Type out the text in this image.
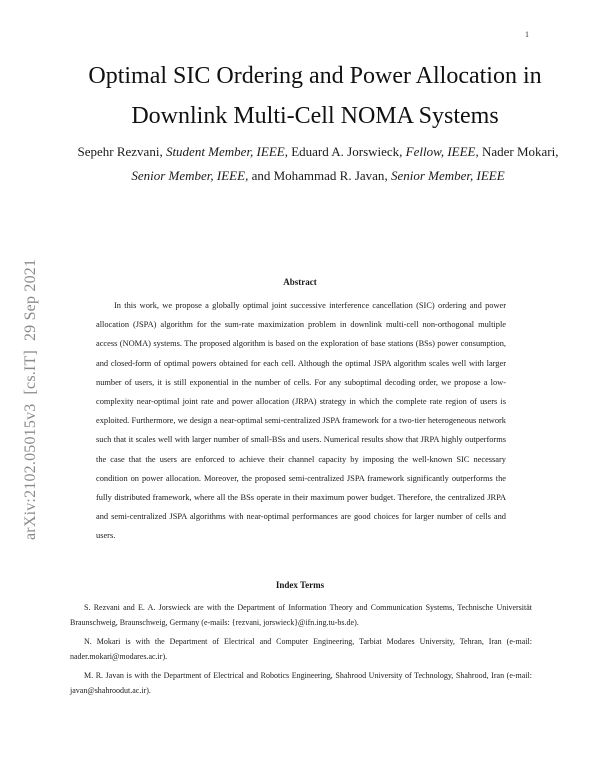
1
arXiv:2102.05015v3[cs.IT]29 Sep 2021
Optimal SIC Ordering and Power Allocation in
Downlink Multi-Cell NOMA Systems
Sepehr Rezvani, Student Member, IEEE, Eduard A. Jorswieck, Fellow, IEEE, Nader Mokari, Senior Member, IEEE, and Mohammad R. Javan, Senior Member, IEEE
Abstract

In this work, we propose a globally optimal joint successive interference cancellation (SIC) ordering and power allocation (JSPA) algorithm for the sum-rate maximization problem in downlink multi-cell non-orthogonal multiple access (NOMA) systems. The proposed algorithm is based on the exploration of base stations (BSs) power consumption, and closed-form of optimal powers obtained for each cell. Although the optimal JSPA algorithm scales well with larger number of users, it is still exponential in the number of cells. For any suboptimal decoding order, we propose a low-complexity near-optimal joint rate and power allocation (JRPA) strategy in which the complete rate region of users is exploited. Furthermore, we design a near-optimal semi-centralized JSPA framework for a two-tier heterogeneous network such that it scales well with larger number of small-BSs and users. Numerical results show that JRPA highly outperforms the case that the users are enforced to achieve their channel capacity by imposing the well-known SIC necessary condition on power allocation. Moreover, the proposed semi-centralized JSPA framework significantly outperforms the fully distributed framework, where all the BSs operate in their maximum power budget. Therefore, the centralized JRPA and semi-centralized JSPA algorithms with near-optimal performances are good choices for larger number of cells and users.

Index Terms

S. Rezvani and E. A. Jorswieck are with the Department of Information Theory and Communication Systems, Technische Universität Braunschweig, Braunschweig, Germany (e-mails: {rezvani, jorswieck}@ifn.ing.tu-bs.de).

N. Mokari is with the Department of Electrical and Computer Engineering, Tarbiat Modares University, Tehran, Iran (e-mail: nader.mokari@modares.ac.ir).

M. R. Javan is with the Department of Electrical and Robotics Engineering, Shahrood University of Technology, Shahrood, Iran (e-mail: javan@shahroodut.ac.ir).
